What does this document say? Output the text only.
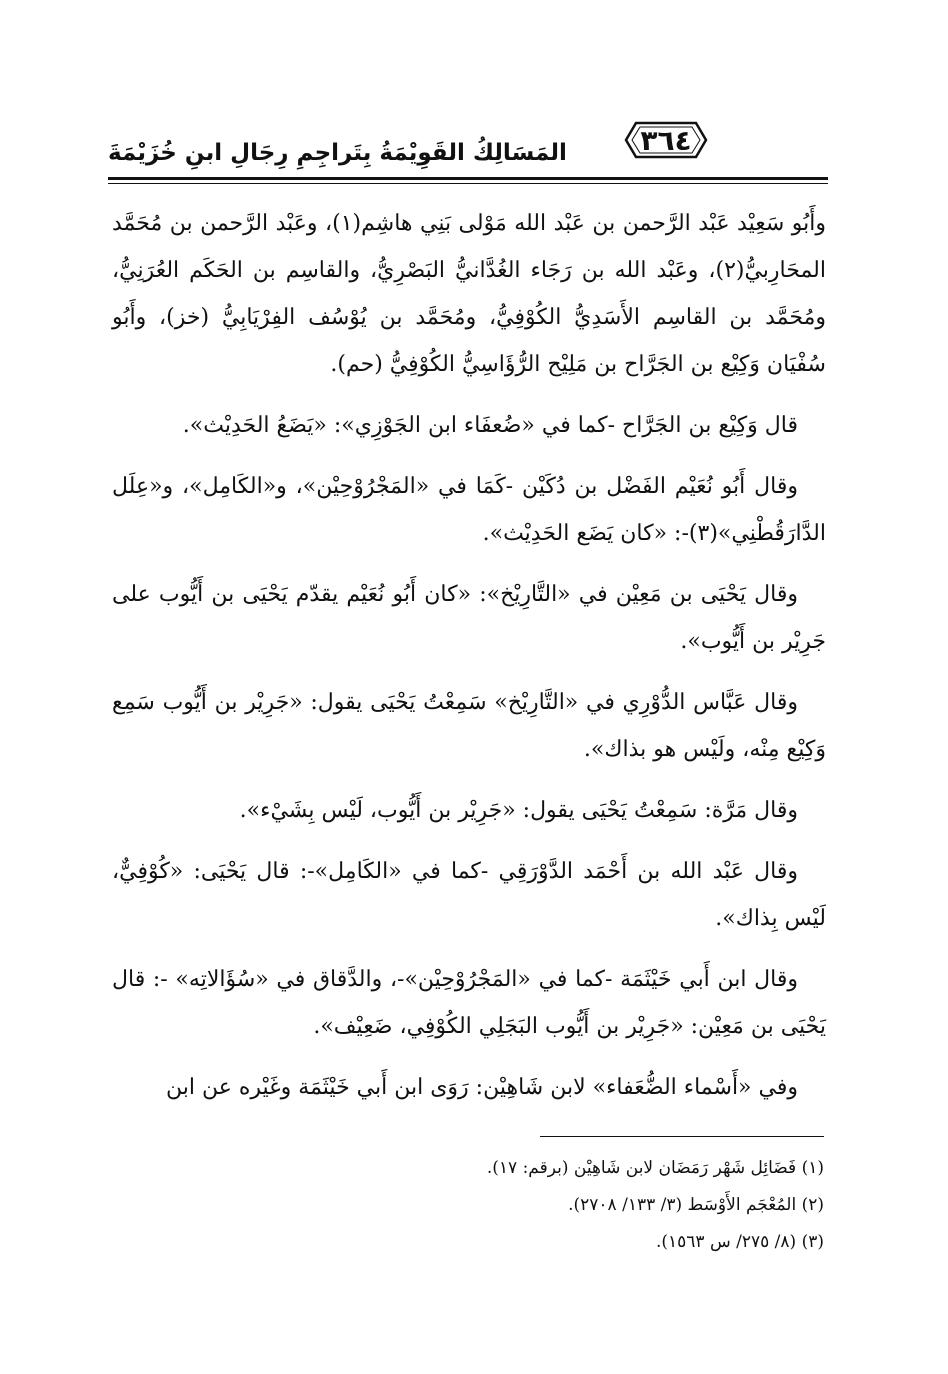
٣٦٤
المَسَالِكُ القَوِيْمَةُ بِتَراجِمِ رِجَالِ ابنِ خُزَيْمَةَ

وأَبُو سَعِيْد عَبْد الرَّحمن بن عَبْد الله مَوْلى بَنِي هاشِم(١)، وعَبْد الرَّحمن بن مُحَمَّد المحَارِبيُّ(٢)، وعَبْد الله بن رَجَاء الغُدَّانيُّ البَصْرِيُّ، والقاسِم بن الحَكَم العُرَنِيُّ، ومُحَمَّد بن القاسِم الأَسَدِيُّ الكُوْفِيُّ، ومُحَمَّد بن يُوْسُف الفِرْيَابِيُّ (خز)، وأَبُو سُفْيَان وَكِيْع بن الجَرَّاح بن مَلِيْح الرُّؤَاسِيُّ الكُوْفِيُّ (حم).

قال وَكِيْع بن الجَرَّاح -كما في «ضُعفَاء ابن الجَوْزِي»: «يَضَعُ الحَدِيْث».

وقال أَبُو نُعَيْم الفَضْل بن دُكَيْن -كَمَا في «المَجْرُوْحِيْن»، و«الكَامِل»، و«عِلَل الدَّارَقُطْنِي»(٣)-: «كان يَضَع الحَدِيْث».

وقال يَحْيَى بن مَعِيْن في «التَّارِيْخ»: «كان أَبُو نُعَيْم يقدّم يَحْيَى بن أَيُّوب على جَرِيْر بن أَيُّوب».

وقال عَبَّاس الدُّوْرِي في «التَّارِيْخ» سَمِعْتُ يَحْيَى يقول: «جَرِيْر بن أَيُّوب سَمِع وَكِيْع مِنْه، ولَيْس هو بذاك».

وقال مَرَّة: سَمِعْتُ يَحْيَى يقول: «جَرِيْر بن أَيُّوب، لَيْس بِشَيْء».

وقال عَبْد الله بن أَحْمَد الدَّوْرَقِي -كما في «الكَامِل»-: قال يَحْيَى: «كُوْفِيٌّ، لَيْس بِذاك».

وقال ابن أَبي خَيْثَمَة -كما في «المَجْرُوْحِيْن»-، والدَّقاق في «سُؤَالاتِه» -: قال يَحْيَى بن مَعِيْن: «جَرِيْر بن أَيُّوب البَجَلِي الكُوْفِي، ضَعِيْف».

وفي «أَسْماء الضُّعَفاء» لابن شَاهِيْن: رَوَى ابن أَبي خَيْثَمَة وغَيْره عن ابن

(١) فَضَائِل شَهْر رَمَضَان لابن شَاهِيْن (برقم: ١٧).
(٢) المُعْجَم الأَوْسَط (٣/ ١٣٣/ ٢٧٠٨).
(٣) (٨/ ٢٧٥/ س ١٥٦٣).
